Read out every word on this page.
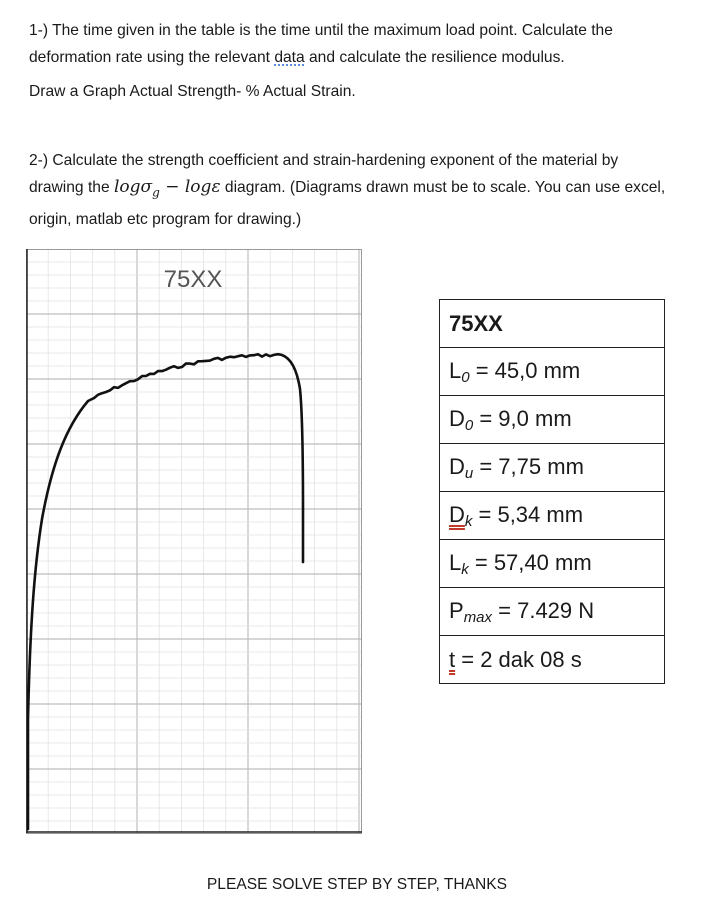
1-) The time given in the table is the time until the maximum load point. Calculate the
deformation rate using the relevant data and calculate the resilience modulus.

Draw a Graph Actual Strength- % Actual Strain.

2-) Calculate the strength coefficient and strain-hardening exponent of the material by
drawing the logσ$_g$ − logε diagram. (Diagrams drawn must be to scale. You can use excel,
origin, matlab etc program for drawing.)

75XX
75XX
$L_0 = 45,0$ mm
$D_0 = 9,0$ mm
$D_u = 7,75$ mm
$D_k = 5,34$ mm
$L_k = 57,40$ mm
$P_{max} = 7.429$ N
t = 2 dak 08 s
PLEASE SOLVE STEP BY STEP, THANKS
